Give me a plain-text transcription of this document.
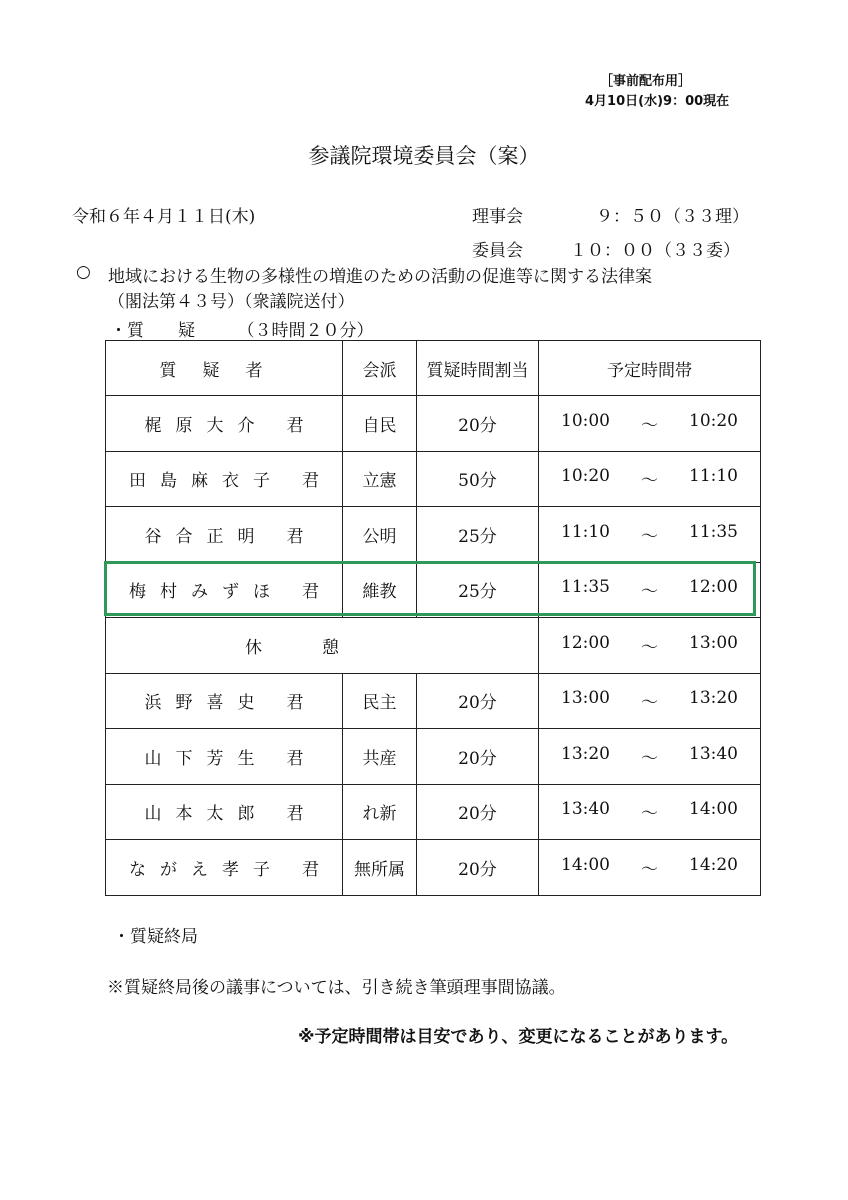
［事前配布用］
4月10日(水)9：00現在
参議院環境委員会（案）
令和６年４月１１日(木)	理事会	９：５０（３３理）
委員会	１０：００（３３委）
○ 地域における生物の多様性の増進のための活動の促進等に関する法律案
（閣法第４３号）（衆議院送付）
・質　　疑　　　（３時間２０分）
質疑者	会派	質疑時間割当	予定時間帯
梶原大介 君	自民	20分	10:00 ～ 10:20

田島麻衣子 君	立憲	50分	10:20 ～ 11:10

谷合正明 君	公明	25分	11:10 ～ 11:35

梅村みずほ 君	維教	25分	11:35 ～ 12:00

休憩			12:00 ～ 13:00

浜野喜史 君	民主	20分	13:00 ～ 13:20

山下芳生 君	共産	20分	13:20 ～ 13:40

山本太郎 君	れ新	20分	13:40 ～ 14:00

ながえ孝子 君	無所属	20分	14:00 ～ 14:20
・質疑終局
※質疑終局後の議事については、引き続き筆頭理事間協議。
※予定時間帯は目安であり、変更になることがあります。
